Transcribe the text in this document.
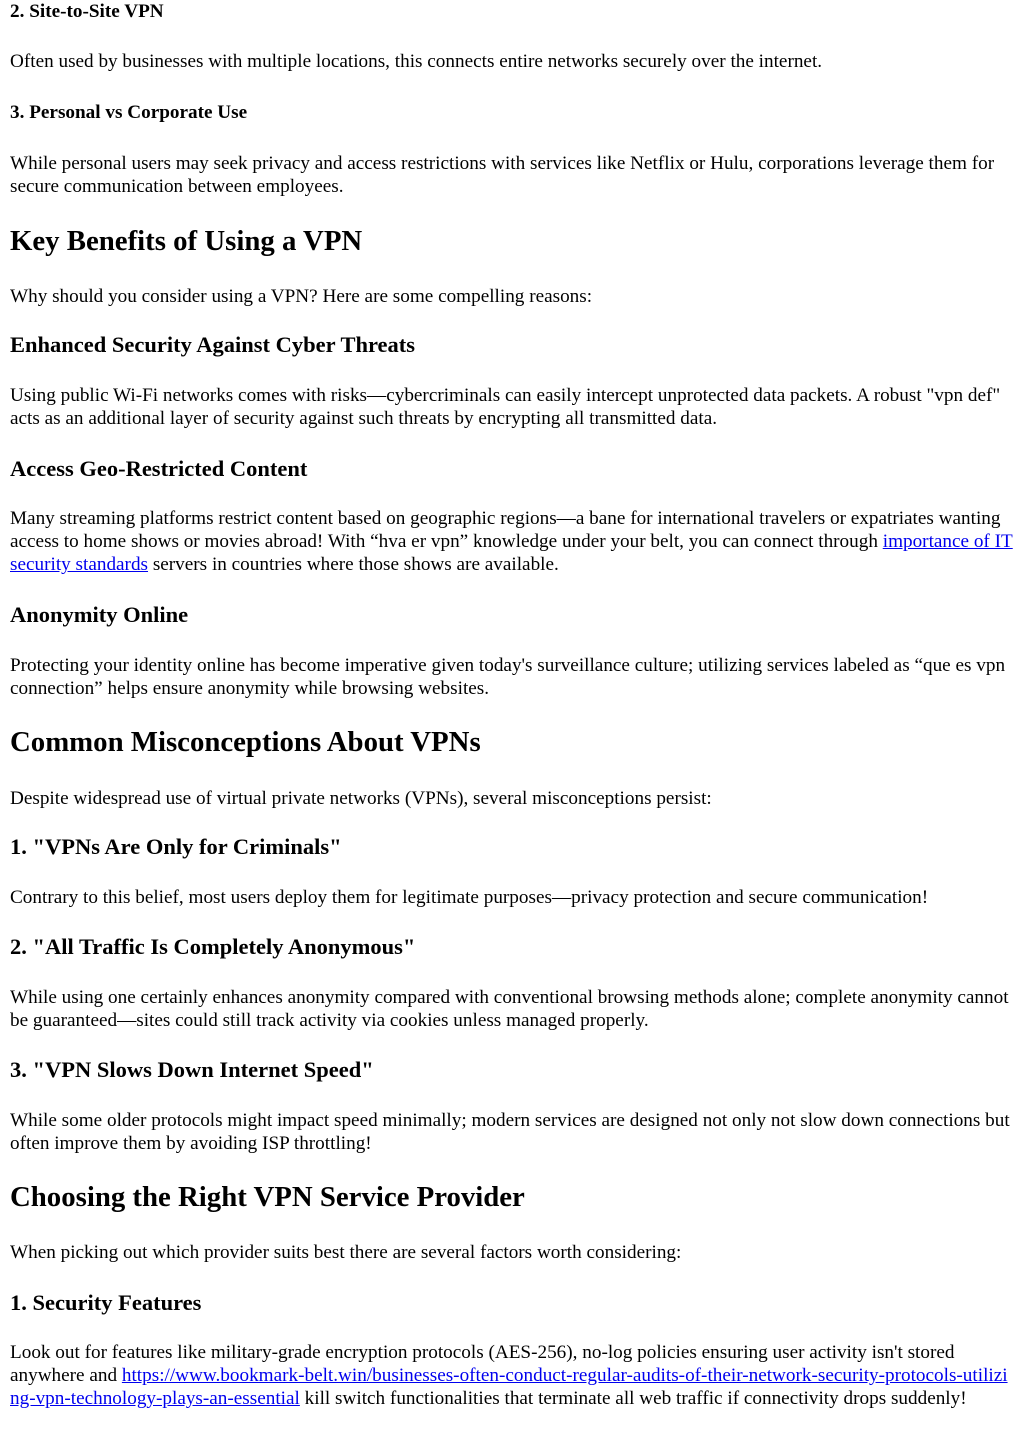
2. Site-to-Site VPN

Often used by businesses with multiple locations, this connects entire networks securely over the internet.

3. Personal vs Corporate Use

While personal users may seek privacy and access restrictions with services like Netflix or Hulu, corporations leverage them for secure communication between employees.

Key Benefits of Using a VPN

Why should you consider using a VPN? Here are some compelling reasons:

Enhanced Security Against Cyber Threats

Using public Wi-Fi networks comes with risks—cybercriminals can easily intercept unprotected data packets. A robust "vpn def" acts as an additional layer of security against such threats by encrypting all transmitted data.

Access Geo-Restricted Content

Many streaming platforms restrict content based on geographic regions—a bane for international travelers or expatriates wanting access to home shows or movies abroad! With “hva er vpn” knowledge under your belt, you can connect through importance of IT security standards servers in countries where those shows are available.

Anonymity Online

Protecting your identity online has become imperative given today's surveillance culture; utilizing services labeled as “que es vpn connection” helps ensure anonymity while browsing websites.

Common Misconceptions About VPNs

Despite widespread use of virtual private networks (VPNs), several misconceptions persist:

1. "VPNs Are Only for Criminals"

Contrary to this belief, most users deploy them for legitimate purposes—privacy protection and secure communication!

2. "All Traffic Is Completely Anonymous"

While using one certainly enhances anonymity compared with conventional browsing methods alone; complete anonymity cannot be guaranteed—sites could still track activity via cookies unless managed properly.

3. "VPN Slows Down Internet Speed"

While some older protocols might impact speed minimally; modern services are designed not only not slow down connections but often improve them by avoiding ISP throttling!

Choosing the Right VPN Service Provider

When picking out which provider suits best there are several factors worth considering:

1. Security Features

Look out for features like military-grade encryption protocols (AES-256), no-log policies ensuring user activity isn't stored anywhere and https://www.bookmark-belt.win/businesses-often-conduct-regular-audits-of-their-network-security-protocols-utilizing-vpn-technology-plays-an-essential kill switch functionalities that terminate all web traffic if connectivity drops suddenly!
